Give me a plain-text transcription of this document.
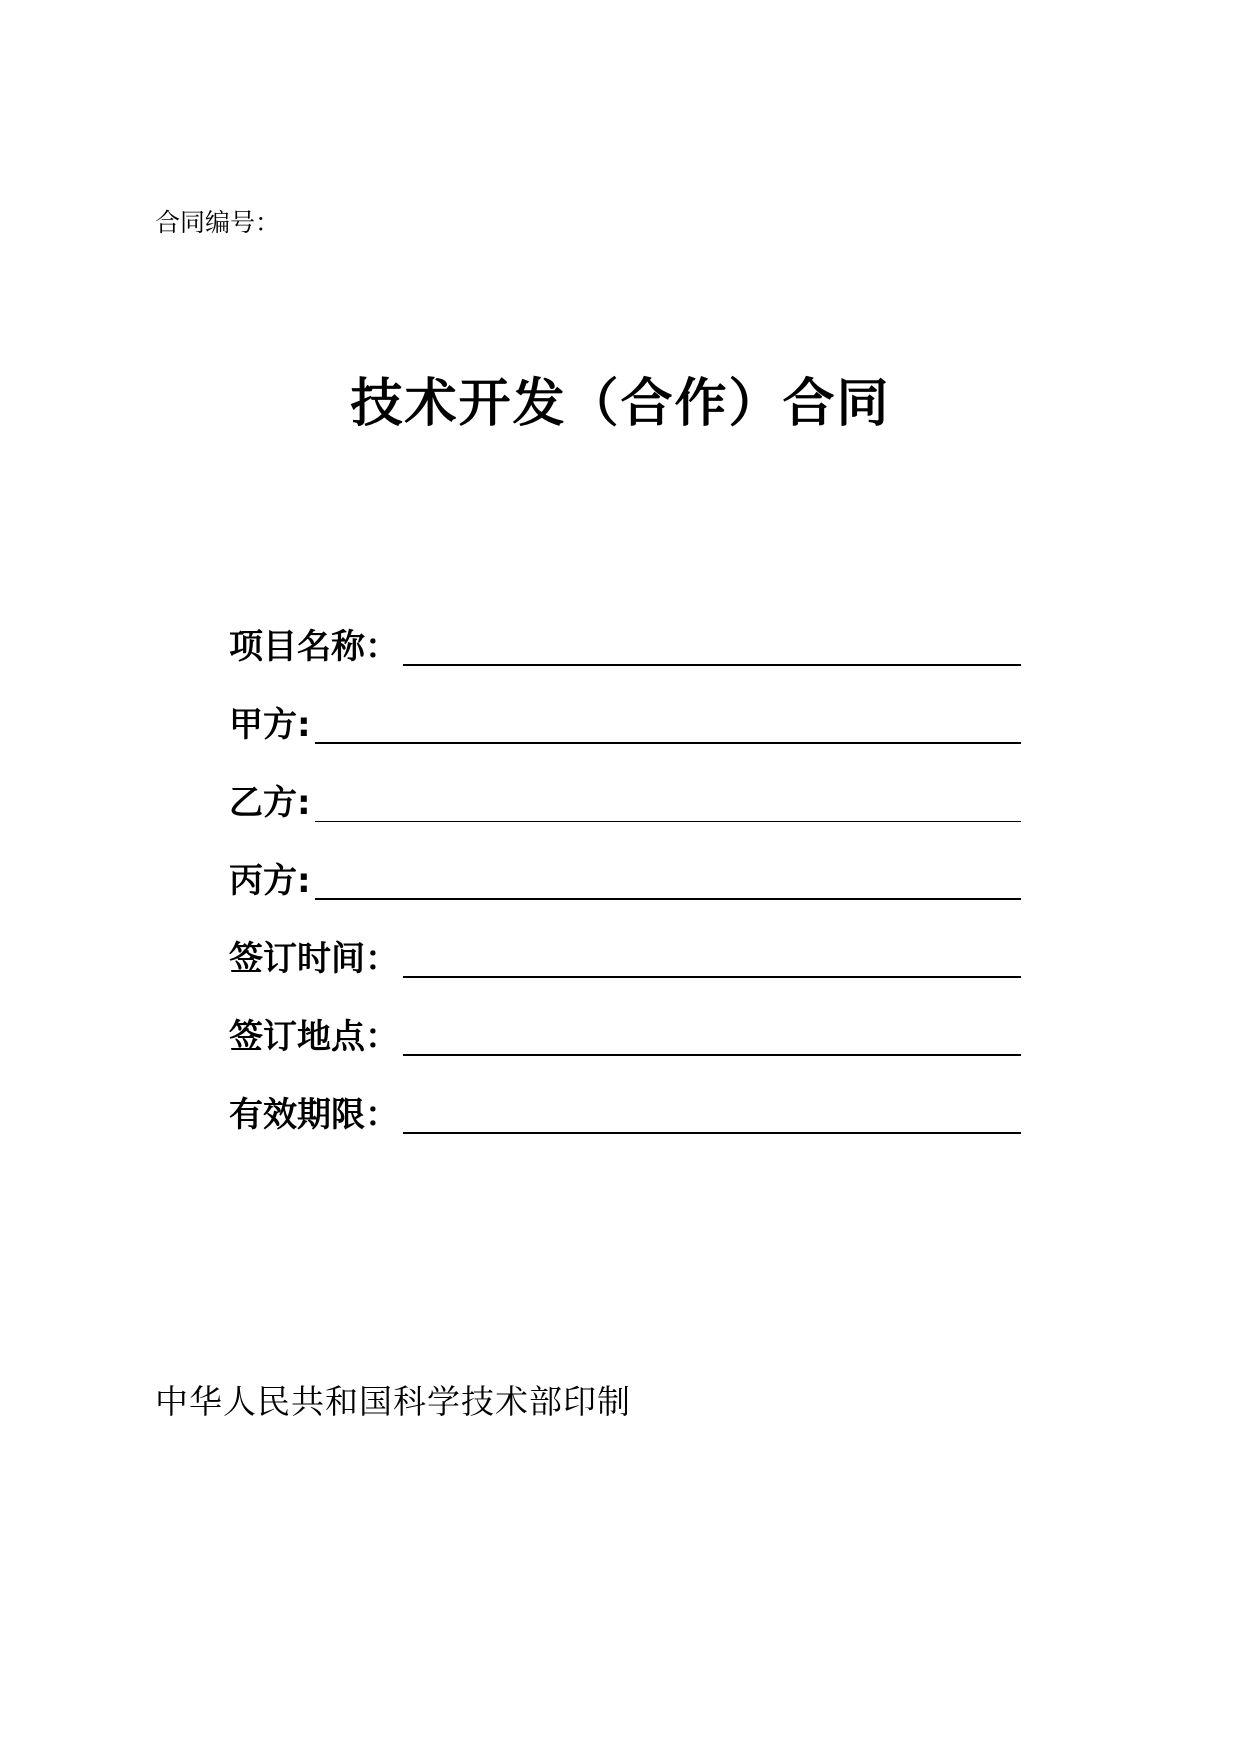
合同编号：
技术开发（合作）合同
项目名称：
甲方:
乙方:
丙方:
签订时间：
签订地点：
有效期限：
中华人民共和国科学技术部印制
